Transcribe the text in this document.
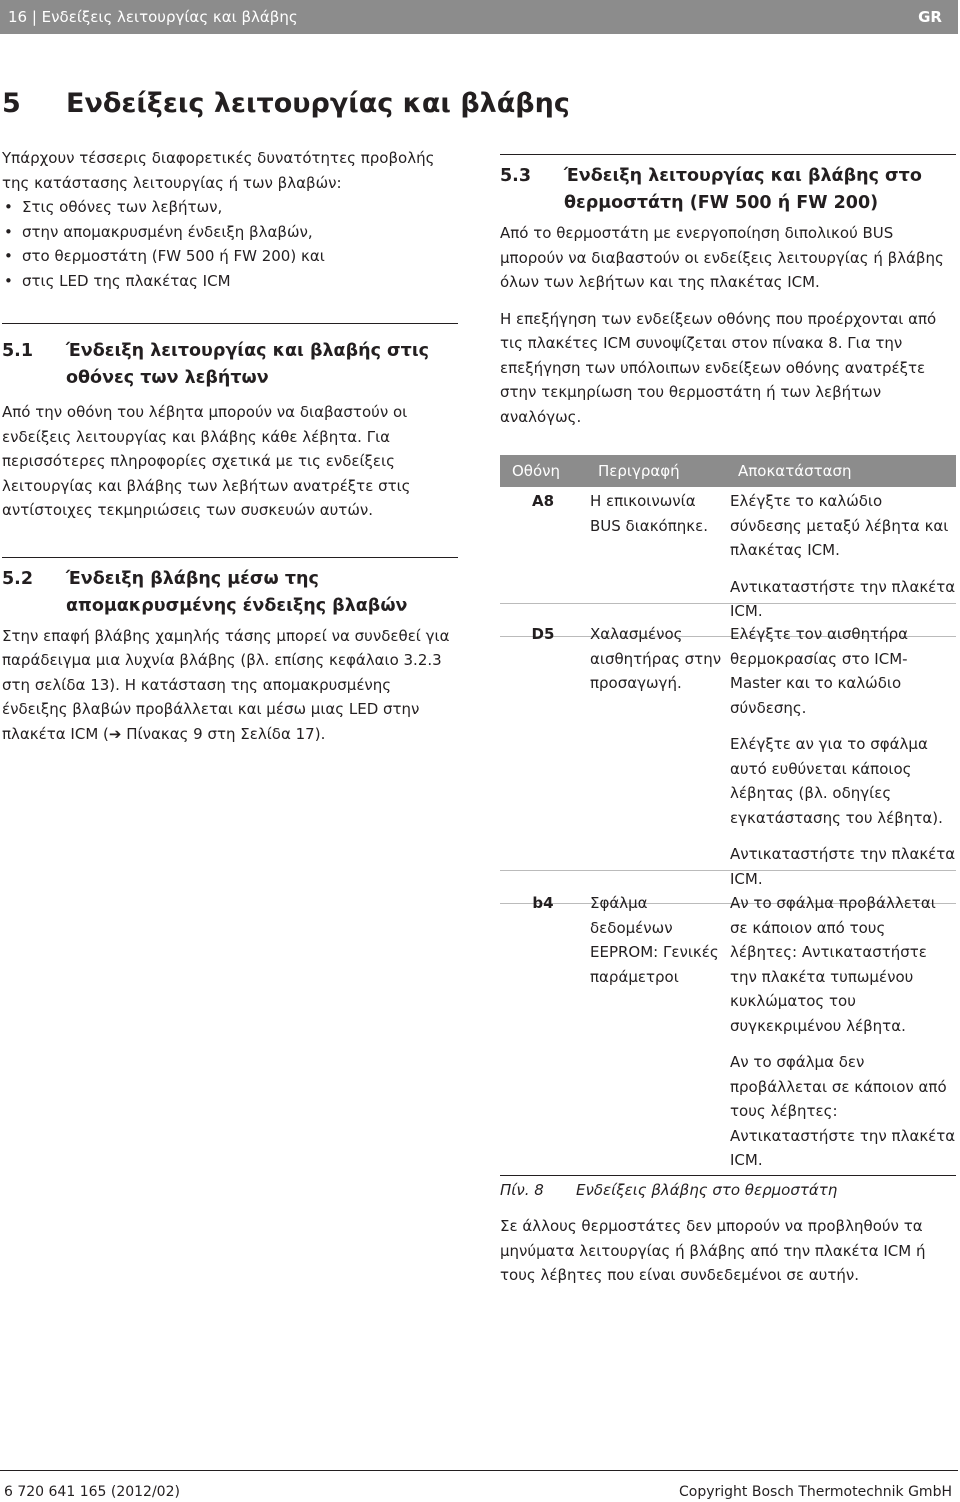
16 | Ενδείξεις λειτουργίας και βλάβης	GR
5 Ενδείξεις λειτουργίας και βλάβης

Υπάρχουν τέσσερις διαφορετικές δυνατότητες προβολής της κατάστασης λειτουργίας ή των βλαβών:

• Στις οθόνες των λεβήτων,
• στην απομακρυσμένη ένδειξη βλαβών,
• στο θερμοστάτη (FW 500 ή FW 200) και
• στις LED της πλακέτας ICM
5.1 Ένδειξη λειτουργίας και βλαβής στις οθόνες των λεβήτων

Από την οθόνη του λέβητα μπορούν να διαβαστούν οι ενδείξεις λειτουργίας και βλάβης κάθε λέβητα. Για περισσότερες πληροφορίες σχετικά με τις ενδείξεις λειτουργίας και βλάβης των λεβήτων ανατρέξτε στις αντίστοιχες τεκμηριώσεις των συσκευών αυτών.

5.2 Ένδειξη βλάβης μέσω της απομακρυσμένης ένδειξης βλαβών

Στην επαφή βλάβης χαμηλής τάσης μπορεί να συνδεθεί για παράδειγμα μια λυχνία βλάβης (βλ. επίσης κεφάλαιο 3.2.3 στη σελίδα 13). Η κατάσταση της απομακρυσμένης ένδειξης βλαβών προβάλλεται και μέσω μιας LED στην πλακέτα ICM (➔ Πίνακας 9 στη Σελίδα 17).

5.3 Ένδειξη λειτουργίας και βλάβης στο θερμοστάτη (FW 500 ή FW 200)

Από το θερμοστάτη με ενεργοποίηση διπολικού BUS μπορούν να διαβαστούν οι ενδείξεις λειτουργίας ή βλάβης όλων των λεβήτων και της πλακέτας ICM.

Η επεξήγηση των ενδείξεων οθόνης που προέρχονται από τις πλακέτες ICM συνοψίζεται στον πίνακα 8. Για την επεξήγηση των υπόλοιπων ενδείξεων οθόνης ανατρέξτε στην τεκμηρίωση του θερμοστάτη ή των λεβήτων αναλόγως.

Οθόνη	Περιγραφή	Αποκατάσταση
A8	Η επικοινωνία BUS διακόπηκε.
Ελέγξτε το καλώδιο σύνδεσης μεταξύ λέβητα και πλακέτας ICM.
Αντικαταστήστε την πλακέτα ICM.
D5	Χαλασμένος αισθητήρας στην προσαγωγή.
Ελέγξτε τον αισθητήρα θερμοκρασίας στο ICM-Master και το καλώδιο σύνδεσης.
Ελέγξτε αν για το σφάλμα αυτό ευθύνεται κάποιος λέβητας (βλ. οδηγίες εγκατάστασης του λέβητα).
Αντικαταστήστε την πλακέτα ICM.
b4	Σφάλμα δεδομένων EEPROM: Γενικές παράμετροι
Αν το σφάλμα προβάλλεται σε κάποιον από τους λέβητες: Αντικαταστήστε την πλακέτα τυπωμένου κυκλώματος του συγκεκριμένου λέβητα.
Αν το σφάλμα δεν προβάλλεται σε κάποιον από τους λέβητες: Αντικαταστήστε την πλακέτα ICM.
Πίν. 8	Ενδείξεις βλάβης στο θερμοστάτη

Σε άλλους θερμοστάτες δεν μπορούν να προβληθούν τα μηνύματα λειτουργίας ή βλάβης από την πλακέτα ICM ή τους λέβητες που είναι συνδεδεμένοι σε αυτήν.

6 720 641 165 (2012/02)	Copyright Bosch Thermotechnik GmbH
